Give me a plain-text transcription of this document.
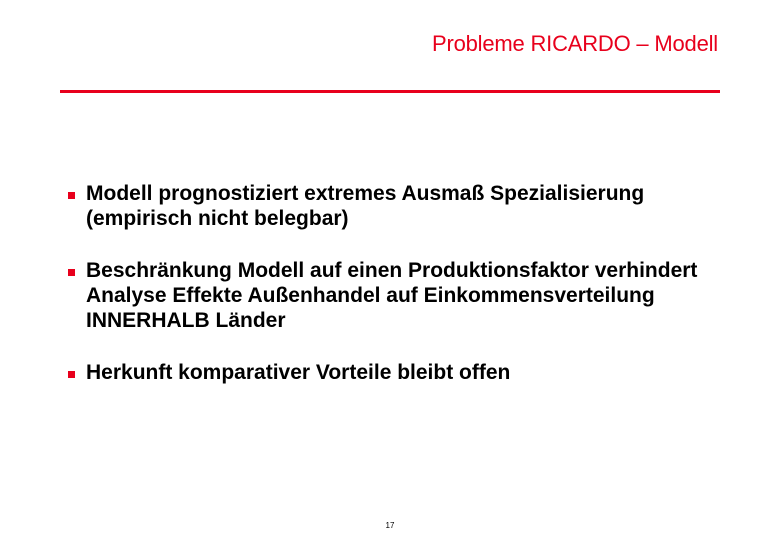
Probleme RICARDO – Modell
Modell prognostiziert extremes Ausmaß Spezialisierung (empirisch nicht belegbar)
Beschränkung Modell auf einen Produktionsfaktor verhindert Analyse Effekte Außenhandel auf Einkommensverteilung INNERHALB Länder
Herkunft komparativer Vorteile bleibt offen
17
